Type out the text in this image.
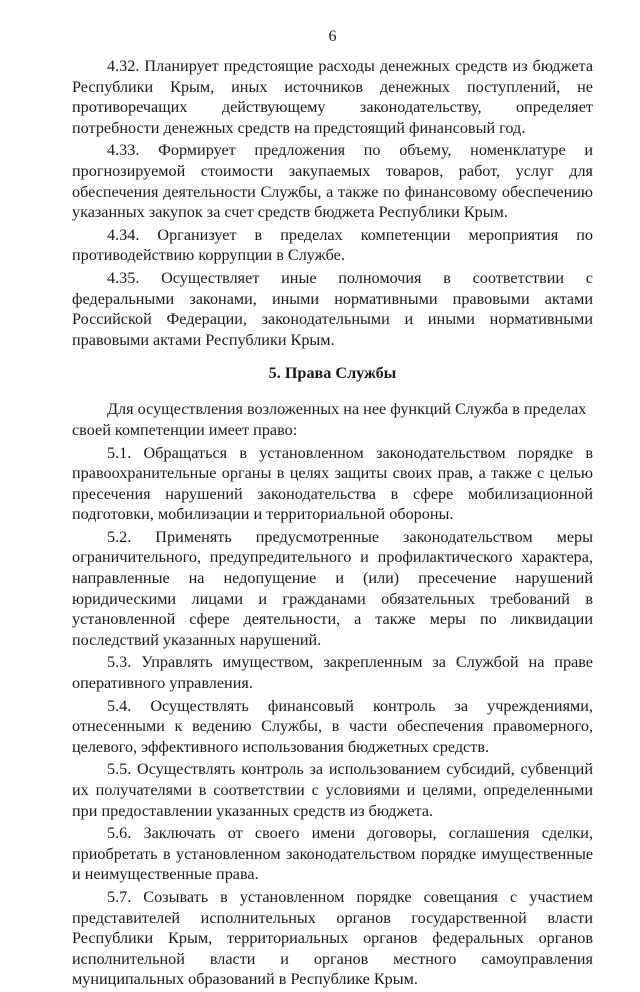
6

4.32. Планирует предстоящие расходы денежных средств из бюджета Республики Крым, иных источников денежных поступлений, не противоречащих действующему законодательству, определяет потребности денежных средств на предстоящий финансовый год.

4.33. Формирует предложения по объему, номенклатуре и прогнозируемой стоимости закупаемых товаров, работ, услуг для обеспечения деятельности Службы, а также по финансовому обеспечению указанных закупок за счет средств бюджета Республики Крым.

4.34. Организует в пределах компетенции мероприятия по противодействию коррупции в Службе.

4.35. Осуществляет иные полномочия в соответствии с федеральными законами, иными нормативными правовыми актами Российской Федерации, законодательными и иными нормативными правовыми актами Республики Крым.

5. Права Службы

Для осуществления возложенных на нее функций Служба в пределах своей компетенции имеет право:

5.1. Обращаться в установленном законодательством порядке в правоохранительные органы в целях защиты своих прав, а также с целью пресечения нарушений законодательства в сфере мобилизационной подготовки, мобилизации и территориальной обороны.

5.2. Применять предусмотренные законодательством меры ограничительного, предупредительного и профилактического характера, направленные на недопущение и (или) пресечение нарушений юридическими лицами и гражданами обязательных требований в установленной сфере деятельности, а также меры по ликвидации последствий указанных нарушений.

5.3. Управлять имуществом, закрепленным за Службой на праве оперативного управления.

5.4. Осуществлять финансовый контроль за учреждениями, отнесенными к ведению Службы, в части обеспечения правомерного, целевого, эффективного использования бюджетных средств.

5.5. Осуществлять контроль за использованием субсидий, субвенций их получателями в соответствии с условиями и целями, определенными при предоставлении указанных средств из бюджета.

5.6. Заключать от своего имени договоры, соглашения сделки, приобретать в установленном законодательством порядке имущественные и неимущественные права.

5.7. Созывать в установленном порядке совещания с участием представителей исполнительных органов государственной власти Республики Крым, территориальных органов федеральных органов исполнительной власти и органов местного самоуправления муниципальных образований в Республике Крым.
